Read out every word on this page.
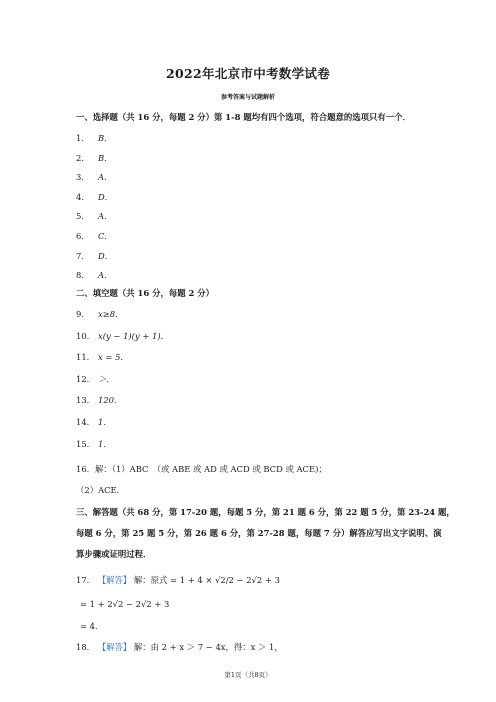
2022年北京市中考数学试卷
参考答案与试题解析
一、选择题（共 16 分，每题 2 分）第 1-8 题均有四个选项，符合题意的选项只有一个．
1． B．
2． B．
3． A．
4． D．
5． A．
6． C．
7． D．
8． A．
二、填空题（共 16 分，每题 2 分）
9． x≥8．
10． x(y − 1)(y + 1)．
11． x = 5．
12． ＞．
13． 120．
14． 1．
15． 1．
16．解：（1）ABC　（或 ABE 或 AD 或 ACD 或 BCD 或 ACE)；
（2）ACE．
三、解答题（共 68 分，第 17-20 题，每题 5 分，第 21 题 6 分，第 22 题 5 分，第 23-24 题，
每题 6 分，第 25 题 5 分，第 26 题 6 分，第 27-28 题，每题 7 分）解答应写出文字说明、演
算步骤或证明过程．
17． 【解答】 解：原式 = 1 + 4 × √2/2 − 2√2 + 3
= 1 + 2√2 − 2√2 + 3
= 4．
18． 【解答】 解：由 2 + x ＞ 7 − 4x，得：x ＞ 1，
第1页（共8页）
